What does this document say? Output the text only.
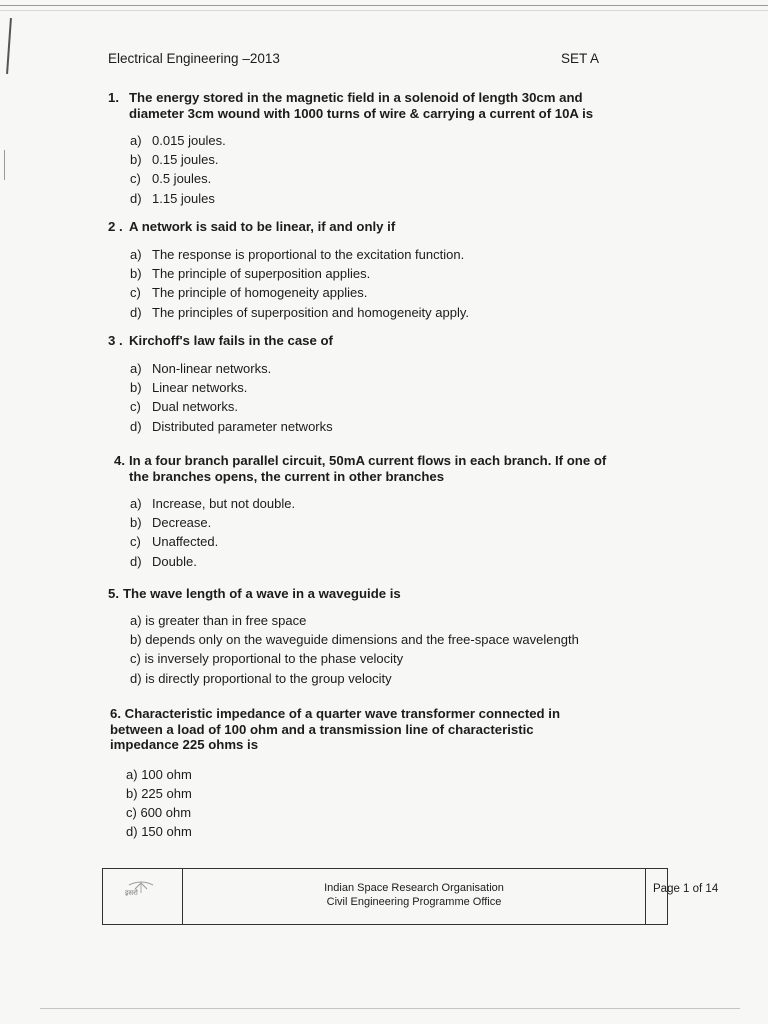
Electrical Engineering –2013	SET A

1. The energy stored in the magnetic field in a solenoid of length 30cm and
diameter 3cm wound with 1000 turns of wire & carrying a current of 10A is

a) 0.015 joules.
b) 0.15 joules.
c) 0.5 joules.
d) 1.15 joules

2 . A network is said to be linear, if and only if

a) The response is proportional to the excitation function.
b) The principle of superposition applies.
c) The principle of homogeneity applies.
d) The principles of superposition and homogeneity apply.

3 . Kirchoff's law fails in the case of

a) Non-linear networks.
b) Linear networks.
c) Dual networks.
d) Distributed parameter networks

4. In a four branch parallel circuit, 50mA current flows in each branch. If one of
the branches opens, the current in other branches

a) Increase, but not double.
b) Decrease.
c) Unaffected.
d) Double.

5. The wave length of a wave in a waveguide is

a) is greater than in free space
b) depends only on the waveguide dimensions and the free-space wavelength
c) is inversely proportional to the phase velocity
d) is directly proportional to the group velocity

6. Characteristic impedance of a quarter wave transformer connected in
between a load of 100 ohm and a transmission line of characteristic
impedance 225 ohms is

a) 100 ohm
b) 225 ohm
c) 600 ohm
d) 150 ohm
इसरो	Indian Space Research Organisation
Civil Engineering Programme Office
Page 1 of 14
